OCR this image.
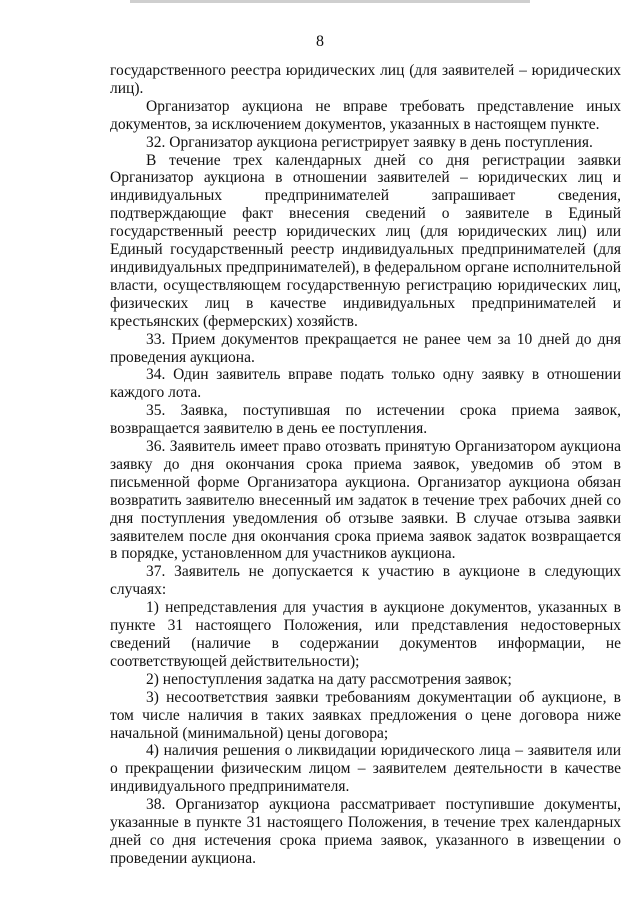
8

государственного реестра юридических лиц (для заявителей – юридических лиц).

Организатор аукциона не вправе требовать представление иных документов, за исключением документов, указанных в настоящем пункте.

32. Организатор аукциона регистрирует заявку в день поступления.

В течение трех календарных дней со дня регистрации заявки Организатор аукциона в отношении заявителей – юридических лиц и индивидуальных предпринимателей запрашивает сведения, подтверждающие факт внесения сведений о заявителе в Единый государственный реестр юридических лиц (для юридических лиц) или Единый государственный реестр индивидуальных предпринимателей (для индивидуальных предпринимателей), в федеральном органе исполнительной власти, осуществляющем государственную регистрацию юридических лиц, физических лиц в качестве индивидуальных предпринимателей и крестьянских (фермерских) хозяйств.

33. Прием документов прекращается не ранее чем за 10 дней до дня проведения аукциона.

34. Один заявитель вправе подать только одну заявку в отношении каждого лота.

35. Заявка, поступившая по истечении срока приема заявок, возвращается заявителю в день ее поступления.

36. Заявитель имеет право отозвать принятую Организатором аукциона заявку до дня окончания срока приема заявок, уведомив об этом в письменной форме Организатора аукциона. Организатор аукциона обязан возвратить заявителю внесенный им задаток в течение трех рабочих дней со дня поступления уведомления об отзыве заявки. В случае отзыва заявки заявителем после дня окончания срока приема заявок задаток возвращается в порядке, установленном для участников аукциона.

37. Заявитель не допускается к участию в аукционе в следующих случаях:

1) непредставления для участия в аукционе документов, указанных в пункте 31 настоящего Положения, или представления недостоверных сведений (наличие в содержании документов информации, не соответствующей действительности);

2) непоступления задатка на дату рассмотрения заявок;

3) несоответствия заявки требованиям документации об аукционе, в том числе наличия в таких заявках предложения о цене договора ниже начальной (минимальной) цены договора;

4) наличия решения о ликвидации юридического лица – заявителя или о прекращении физическим лицом – заявителем деятельности в качестве индивидуального предпринимателя.

38. Организатор аукциона рассматривает поступившие документы, указанные в пункте 31 настоящего Положения, в течение трех календарных дней со дня истечения срока приема заявок, указанного в извещении о проведении аукциона.
